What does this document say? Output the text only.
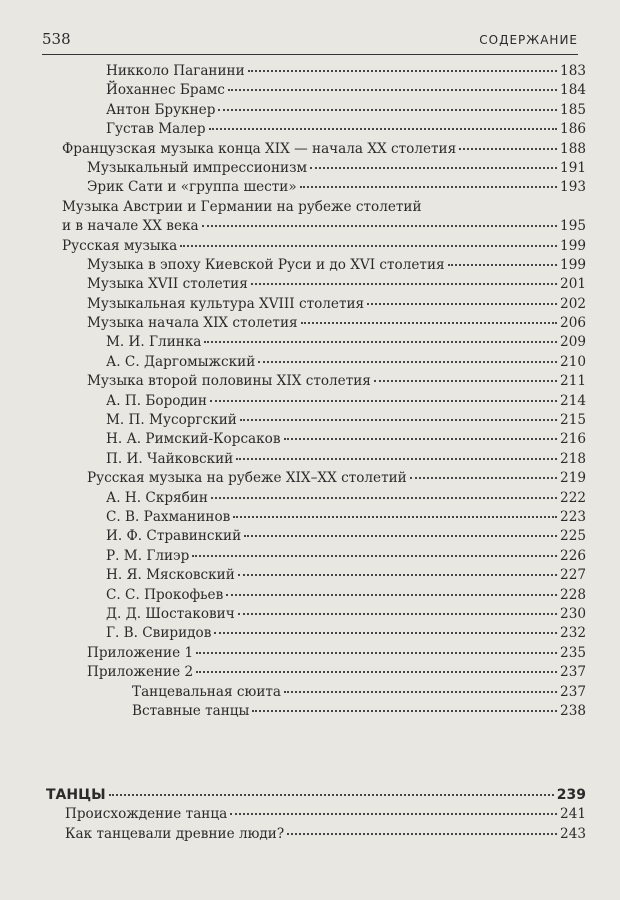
538	СОДЕРЖАНИЕ
Никколо Паганини	183
Йоханнес Брамс	184
Антон Брукнер	185
Густав Малер	186
Французская музыка конца XIX — начала XX столетия	188
Музыкальный импрессионизм	191
Эрик Сати и «группа шести»	193
Музыка Австрии и Германии на рубеже столетий
и в начале XX века	195
Русская музыка	199
Музыка в эпоху Киевской Руси и до XVI столетия	199
Музыка XVII столетия	201
Музыкальная культура XVIII столетия	202
Музыка начала XIX столетия	206
М. И. Глинка	209
А. С. Даргомыжский	210
Музыка второй половины XIX столетия	211
А. П. Бородин	214
М. П. Мусоргский	215
Н. А. Римский-Корсаков	216
П. И. Чайковский	218
Русская музыка на рубеже XIX–XX столетий	219
А. Н. Скрябин	222
С. В. Рахманинов	223
И. Ф. Стравинский	225
Р. М. Глиэр	226
Н. Я. Мясковский	227
С. С. Прокофьев	228
Д. Д. Шостакович	230
Г. В. Свиридов	232
Приложение 1	235
Приложение 2	237
Танцевальная сюита	237
Вставные танцы	238
ТАНЦЫ	239
Происхождение танца	241
Как танцевали древние люди?	243
